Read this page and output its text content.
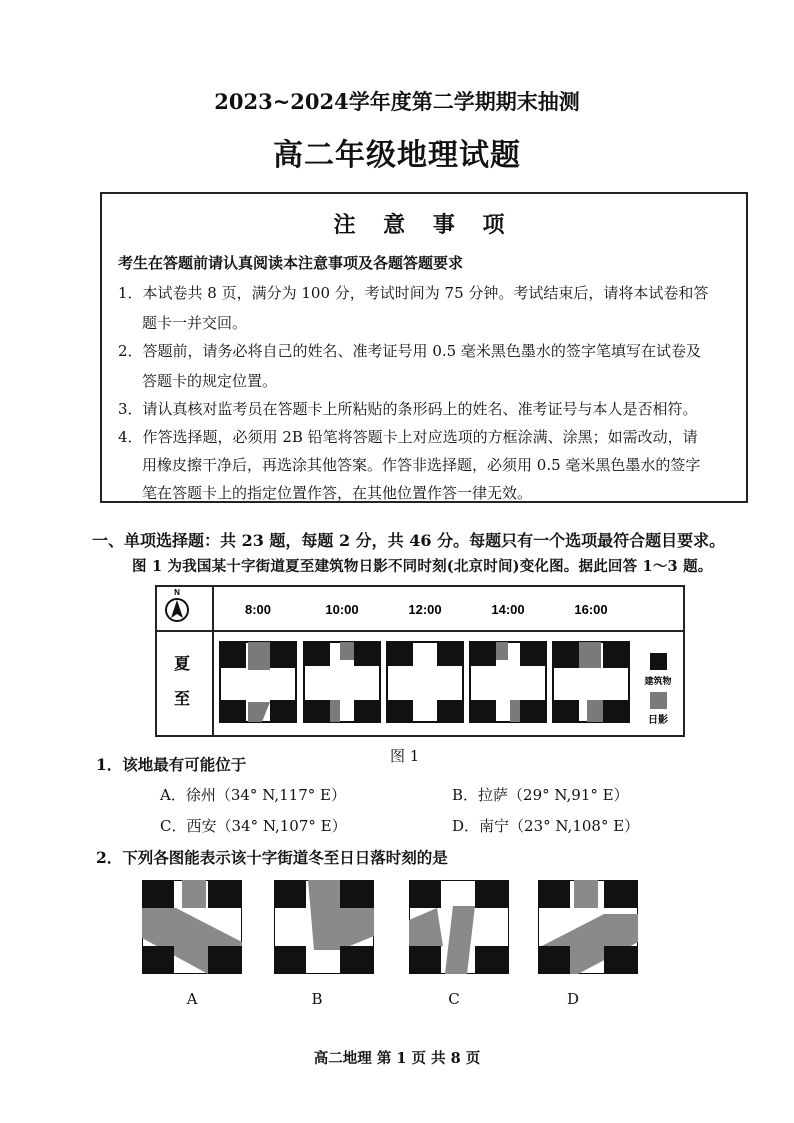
2023~2024学年度第二学期期末抽测
高二年级地理试题
注 意 事 项
考生在答题前请认真阅读本注意事项及各题答题要求
1．本试卷共 8 页，满分为 100 分，考试时间为 75 分钟。考试结束后，请将本试卷和答
题卡一并交回。
2．答题前，请务必将自己的姓名、准考证号用 0.5 毫米黑色墨水的签字笔填写在试卷及
答题卡的规定位置。
3．请认真核对监考员在答题卡上所粘贴的条形码上的姓名、准考证号与本人是否相符。
4．作答选择题，必须用 2B 铅笔将答题卡上对应选项的方框涂满、涂黑；如需改动，请
用橡皮擦干净后，再选涂其他答案。作答非选择题，必须用 0.5 毫米黑色墨水的签字
笔在答题卡上的指定位置作答，在其他位置作答一律无效。
一、单项选择题：共 23 题，每题 2 分，共 46 分。每题只有一个选项最符合题目要求。
图 1 为我国某十字街道夏至建筑物日影不同时刻(北京时间)变化图。据此回答 1～3 题。
N
8:00	10:00	12:00	14:00	16:00
夏
至
建筑物
日影
图 1
1．该地最有可能位于
A．徐州（34° N,117° E）	B．拉萨（29° N,91° E）
C．西安（34° N,107° E）	D．南宁（23° N,108° E）
2．下列各图能表示该十字街道冬至日日落时刻的是
A	B	C	D
高二地理 第 1 页 共 8 页
